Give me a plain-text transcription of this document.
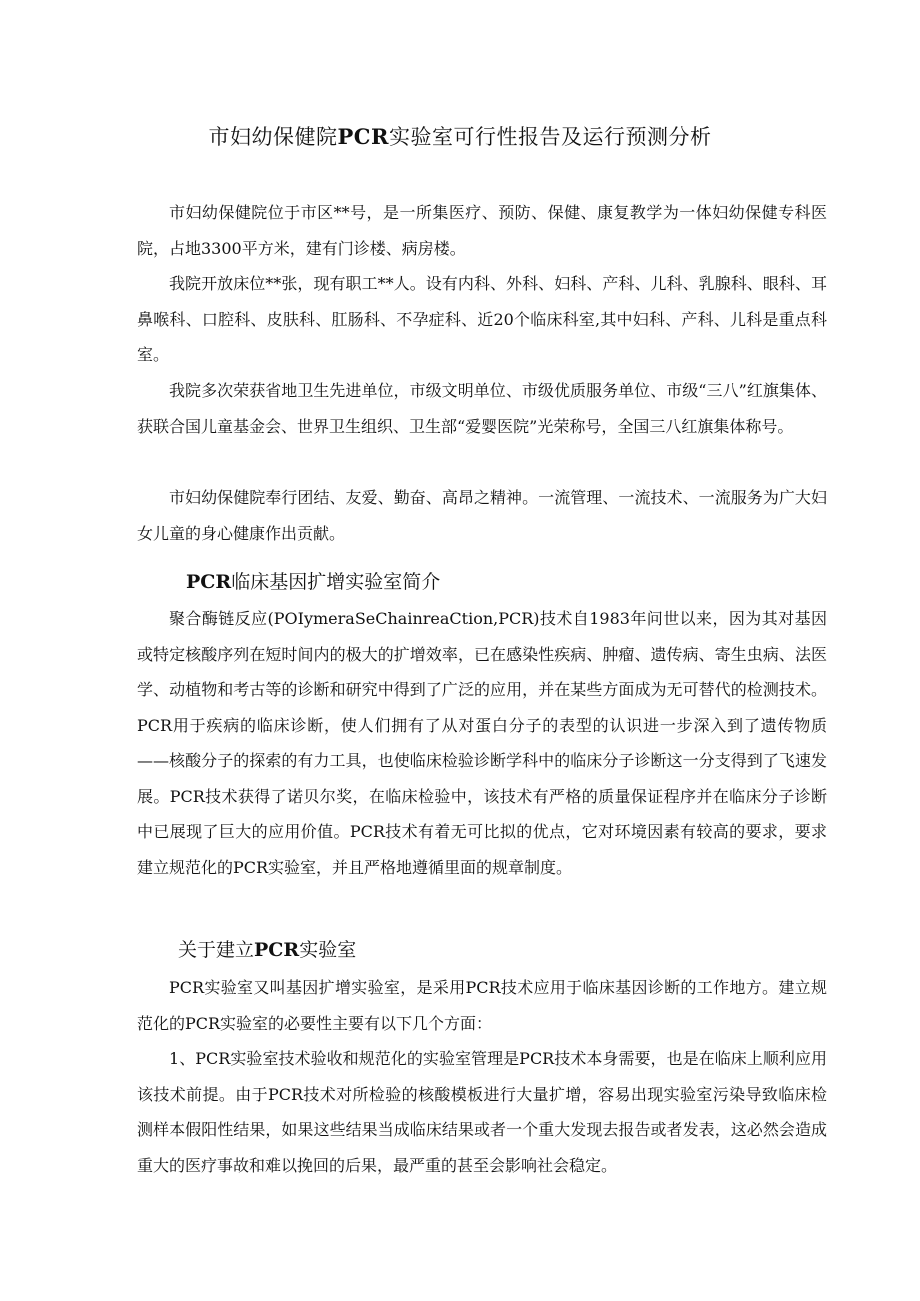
市妇幼保健院PCR实验室可行性报告及运行预测分析

市妇幼保健院位于市区**号，是一所集医疗、预防、保健、康复教学为一体妇幼保健专科医院，占地3300平方米，建有门诊楼、病房楼。

我院开放床位**张，现有职工**人。设有内科、外科、妇科、产科、儿科、乳腺科、眼科、耳鼻喉科、口腔科、皮肤科、肛肠科、不孕症科、近20个临床科室,其中妇科、产科、儿科是重点科室。

我院多次荣获省地卫生先进单位，市级文明单位、市级优质服务单位、市级“三八”红旗集体、获联合国儿童基金会、世界卫生组织、卫生部“爱婴医院”光荣称号，全国三八红旗集体称号。

市妇幼保健院奉行团结、友爱、勤奋、高昂之精神。一流管理、一流技术、一流服务为广大妇女儿童的身心健康作出贡献。

PCR临床基因扩增实验室简介

聚合酶链反应(POIymeraSeChainreaCtion,PCR)技术自1983年问世以来，因为其对基因或特定核酸序列在短时间内的极大的扩增效率，已在感染性疾病、肿瘤、遗传病、寄生虫病、法医学、动植物和考古等的诊断和研究中得到了广泛的应用，并在某些方面成为无可替代的检测技术。PCR用于疾病的临床诊断，使人们拥有了从对蛋白分子的表型的认识进一步深入到了遗传物质——核酸分子的探索的有力工具，也使临床检验诊断学科中的临床分子诊断这一分支得到了飞速发展。PCR技术获得了诺贝尔奖，在临床检验中，该技术有严格的质量保证程序并在临床分子诊断中已展现了巨大的应用价值。PCR技术有着无可比拟的优点，它对环境因素有较高的要求，要求建立规范化的PCR实验室，并且严格地遵循里面的规章制度。

关于建立PCR实验室

PCR实验室又叫基因扩增实验室，是采用PCR技术应用于临床基因诊断的工作地方。建立规范化的PCR实验室的必要性主要有以下几个方面：

1、PCR实验室技术验收和规范化的实验室管理是PCR技术本身需要，也是在临床上顺利应用该技术前提。由于PCR技术对所检验的核酸模板进行大量扩增，容易出现实验室污染导致临床检测样本假阳性结果，如果这些结果当成临床结果或者一个重大发现去报告或者发表，这必然会造成重大的医疗事故和难以挽回的后果，最严重的甚至会影响社会稳定。
